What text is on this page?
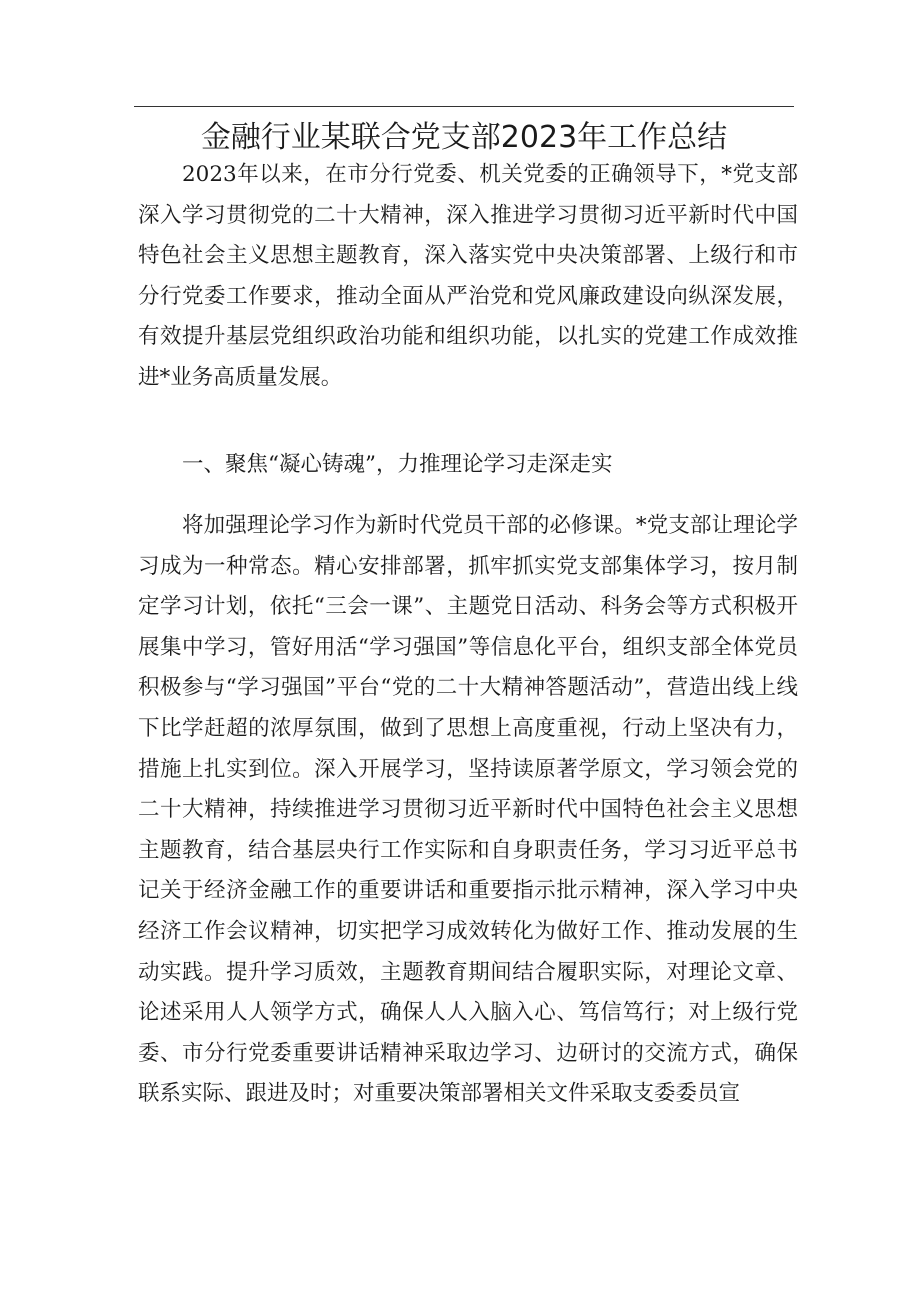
金融行业某联合党支部2023年工作总结

2023年以来，在市分行党委、机关党委的正确领导下，*党支部深入学习贯彻党的二十大精神，深入推进学习贯彻习近平新时代中国特色社会主义思想主题教育，深入落实党中央决策部署、上级行和市分行党委工作要求，推动全面从严治党和党风廉政建设向纵深发展，有效提升基层党组织政治功能和组织功能，以扎实的党建工作成效推进*业务高质量发展。

一、聚焦“凝心铸魂”，力推理论学习走深走实

将加强理论学习作为新时代党员干部的必修课。*党支部让理论学习成为一种常态。精心安排部署，抓牢抓实党支部集体学习，按月制定学习计划，依托“三会一课”、主题党日活动、科务会等方式积极开展集中学习，管好用活“学习强国”等信息化平台，组织支部全体党员积极参与“学习强国”平台“党的二十大精神答题活动”，营造出线上线下比学赶超的浓厚氛围，做到了思想上高度重视，行动上坚决有力，措施上扎实到位。深入开展学习，坚持读原著学原文，学习领会党的二十大精神，持续推进学习贯彻习近平新时代中国特色社会主义思想主题教育，结合基层央行工作实际和自身职责任务，学习习近平总书记关于经济金融工作的重要讲话和重要指示批示精神，深入学习中央经济工作会议精神，切实把学习成效转化为做好工作、推动发展的生动实践。提升学习质效，主题教育期间结合履职实际，对理论文章、论述采用人人领学方式，确保人人入脑入心、笃信笃行；对上级行党委、市分行党委重要讲话精神采取边学习、边研讨的交流方式，确保联系实际、跟进及时；对重要决策部署相关文件采取支委委员宣
